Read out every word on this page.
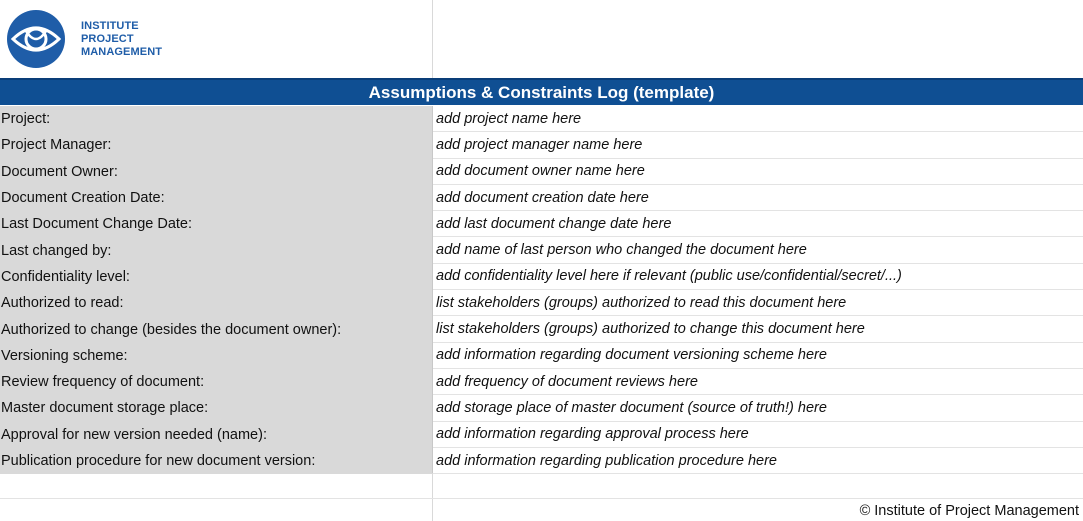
INSTITUTE
PROJECT
MANAGEMENT
Assumptions & Constraints Log (template)
Project:	add project name here
Project Manager:	add project manager name here
Document Owner:	add document owner name here
Document Creation Date:	add document creation date here
Last Document Change Date:	add last document change date here
Last changed by:	add name of last person who changed the document here
Confidentiality level:	add confidentiality level here if relevant (public use/confidential/secret/...)
Authorized to read:	list stakeholders (groups) authorized to read this document here
Authorized to change (besides the document owner):	list stakeholders (groups) authorized to change this document here
Versioning scheme:	add information regarding document versioning scheme here
Review frequency of document:	add frequency of document reviews here
Master document storage place:	add storage place of master document (source of truth!) here
Approval for new version needed (name):	add information regarding approval process here
Publication procedure for new document version:	add information regarding publication procedure here
© Institute of Project Management
